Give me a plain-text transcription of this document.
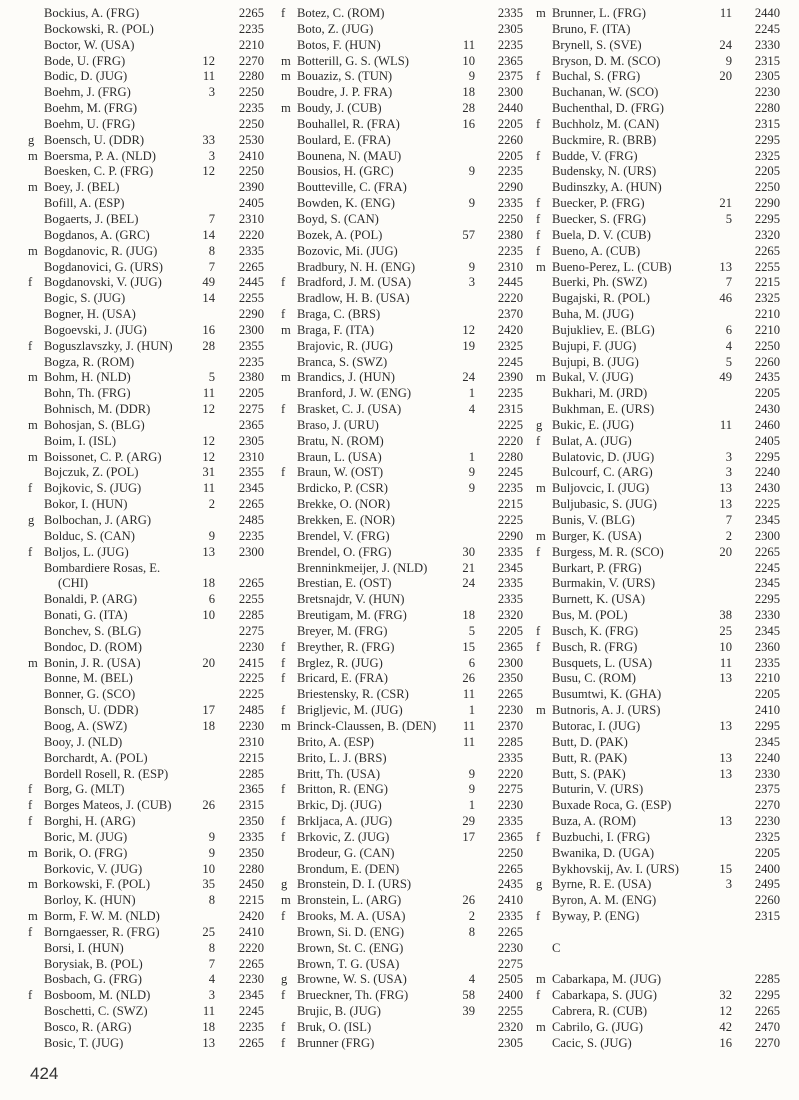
Bockius, A. (FRG)	2265
Bockowski, R. (POL)	2235
Boctor, W. (USA)	2210
Bode, U. (FRG)	12	2270
Bodic, D. (JUG)	11	2280
Boehm, J. (FRG)	3	2250
Boehm, M. (FRG)	2235
Boehm, U. (FRG)	2250
g Boensch, U. (DDR)	33	2530
m Boersma, P. A. (NLD)	3	2410
Boesken, C. P. (FRG)	12	2250
m Boey, J. (BEL)	2390
Bofill, A. (ESP)	2405
Bogaerts, J. (BEL)	7	2310
Bogdanos, A. (GRC)	14	2220
m Bogdanovic, R. (JUG)	8	2335
Bogdanovici, G. (URS)	7	2265
f Bogdanovski, V. (JUG)	49	2445
Bogic, S. (JUG)	14	2255
Bogner, H. (USA)	2290
Bogoevski, J. (JUG)	16	2300
f Boguszlavszky, J. (HUN)	28	2355
Bogza, R. (ROM)	2235
m Bohm, H. (NLD)	5	2380
Bohn, Th. (FRG)	11	2205
Bohnisch, M. (DDR)	12	2275
m Bohosjan, S. (BLG)	2365
Boim, I. (ISL)	12	2305
m Boissonet, C. P. (ARG)	12	2310
Bojczuk, Z. (POL)	31	2355
f Bojkovic, S. (JUG)	11	2345
Bokor, I. (HUN)	2	2265
g Bolbochan, J. (ARG)	2485
Bolduc, S. (CAN)	9	2235
f Boljos, L. (JUG)	13	2300
Bombardiere Rosas, E.
(CHI)	18	2265
Bonaldi, P. (ARG)	6	2255
Bonati, G. (ITA)	10	2285
Bonchev, S. (BLG)	2275
Bondoc, D. (ROM)	2230
m Bonin, J. R. (USA)	20	2415
Bonne, M. (BEL)	2225
Bonner, G. (SCO)	2225
Bonsch, U. (DDR)	17	2485
Boog, A. (SWZ)	18	2230
Booy, J. (NLD)	2310
Borchardt, A. (POL)	2215
Bordell Rosell, R. (ESP)	2285
f Borg, G. (MLT)	2365
f Borges Mateos, J. (CUB)	26	2315
f Borghi, H. (ARG)	2350
Boric, M. (JUG)	9	2335
m Borik, O. (FRG)	9	2350
Borkovic, V. (JUG)	10	2280
m Borkowski, F. (POL)	35	2450
Borloy, K. (HUN)	8	2215
m Borm, F. W. M. (NLD)	2420
f Borngaesser, R. (FRG)	25	2410
Borsi, I. (HUN)	8	2220
Borysiak, B. (POL)	7	2265
Bosbach, G. (FRG)	4	2230
f Bosboom, M. (NLD)	3	2345
Boschetti, C. (SWZ)	11	2245
Bosco, R. (ARG)	18	2235
Bosic, T. (JUG)	13	2265
f Botez, C. (ROM)	2335
Boto, Z. (JUG)	2305
Botos, F. (HUN)	11	2235
m Botterill, G. S. (WLS)	10	2365
m Bouaziz, S. (TUN)	9	2375
Boudre, J. P. FRA)	18	2300
m Boudy, J. (CUB)	28	2440
Bouhallel, R. (FRA)	16	2205
Boulard, E. (FRA)	2260
Bounena, N. (MAU)	2205
Bousios, H. (GRC)	9	2235
Boutteville, C. (FRA)	2290
Bowden, K. (ENG)	9	2335
Boyd, S. (CAN)	2250
Bozek, A. (POL)	57	2380
Bozovic, Mi. (JUG)	2235
Bradbury, N. H. (ENG)	9	2310
f Bradford, J. M. (USA)	3	2445
Bradlow, H. B. (USA)	2220
f Braga, C. (BRS)	2370
m Braga, F. (ITA)	12	2420
Brajovic, R. (JUG)	19	2325
Branca, S. (SWZ)	2245
m Brandics, J. (HUN)	24	2390
Branford, J. W. (ENG)	1	2235
f Brasket, C. J. (USA)	4	2315
Braso, J. (URU)	2225
Bratu, N. (ROM)	2220
Braun, L. (USA)	1	2280
f Braun, W. (OST)	9	2245
Brdicko, P. (CSR)	9	2235
Brekke, O. (NOR)	2215
Brekken, E. (NOR)	2225
Brendel, V. (FRG)	2290
Brendel, O. (FRG)	30	2335
Brenninkmeijer, J. (NLD)	21	2345
Brestian, E. (OST)	24	2335
Bretsnajdr, V. (HUN)	2335
Breutigam, M. (FRG)	18	2320
Breyer, M. (FRG)	5	2205
f Breyther, R. (FRG)	15	2365
f Brglez, R. (JUG)	6	2300
f Bricard, E. (FRA)	26	2350
Briestensky, R. (CSR)	11	2265
f Brigljevic, M. (JUG)	1	2230
m Brinck-Claussen, B. (DEN)	11	2370
Brito, A. (ESP)	11	2285
Brito, L. J. (BRS)	2335
Britt, Th. (USA)	9	2220
f Britton, R. (ENG)	9	2275
Brkic, Dj. (JUG)	1	2230
f Brkljaca, A. (JUG)	29	2335
f Brkovic, Z. (JUG)	17	2365
Brodeur, G. (CAN)	2250
Brondum, E. (DEN)	2265
g Bronstein, D. I. (URS)	2435
m Bronstein, L. (ARG)	26	2410
f Brooks, M. A. (USA)	2	2335
Brown, Si. D. (ENG)	8	2265
Brown, St. C. (ENG)	2230
Brown, T. G. (USA)	2275
g Browne, W. S. (USA)	4	2505
f Brueckner, Th. (FRG)	58	2400
Brujic, B. (JUG)	39	2255
f Bruk, O. (ISL)	2320
f Brunner (FRG)	2305
m Brunner, L. (FRG)	11	2440
Bruno, F. (ITA)	2245
Brynell, S. (SVE)	24	2330
Bryson, D. M. (SCO)	9	2315
f Buchal, S. (FRG)	20	2305
Buchanan, W. (SCO)	2230
Buchenthal, D. (FRG)	2280
f Buchholz, M. (CAN)	2315
Buckmire, R. (BRB)	2295
f Budde, V. (FRG)	2325
Budensky, N. (URS)	2205
Budinszky, A. (HUN)	2250
f Buecker, P. (FRG)	21	2290
f Buecker, S. (FRG)	5	2295
f Buela, D. V. (CUB)	2320
f Bueno, A. (CUB)	2265
m Bueno-Perez, L. (CUB)	13	2255
Buerki, Ph. (SWZ)	7	2215
Bugajski, R. (POL)	46	2325
Buha, M. (JUG)	2210
Bujukliev, E. (BLG)	6	2210
Bujupi, F. (JUG)	4	2250
Bujupi, B. (JUG)	5	2260
m Bukal, V. (JUG)	49	2435
Bukhari, M. (JRD)	2205
Bukhman, E. (URS)	2430
g Bukic, E. (JUG)	11	2460
f Bulat, A. (JUG)	2405
Bulatovic, D. (JUG)	3	2295
Bulcourf, C. (ARG)	3	2240
m Buljovcic, I. (JUG)	13	2430
Buljubasic, S. (JUG)	13	2225
Bunis, V. (BLG)	7	2345
m Burger, K. (USA)	2	2300
f Burgess, M. R. (SCO)	20	2265
Burkart, P. (FRG)	2245
Burmakin, V. (URS)	2345
Burnett, K. (USA)	2295
Bus, M. (POL)	38	2330
f Busch, K. (FRG)	25	2345
f Busch, R. (FRG)	10	2360
Busquets, L. (USA)	11	2335
Busu, C. (ROM)	13	2210
Busumtwi, K. (GHA)	2205
m Butnoris, A. J. (URS)	2410
Butorac, I. (JUG)	13	2295
Butt, D. (PAK)	2345
Butt, R. (PAK)	13	2240
Butt, S. (PAK)	13	2330
Buturin, V. (URS)	2375
Buxade Roca, G. (ESP)	2270
Buza, A. (ROM)	13	2230
f Buzbuchi, I. (FRG)	2325
Bwanika, D. (UGA)	2205
Bykhovskij, Av. I. (URS)	15	2400
g Byrne, R. E. (USA)	3	2495
Byron, A. M. (ENG)	2260
f Byway, P. (ENG)	2315
C
m Cabarkapa, M. (JUG)	2285
f Cabarkapa, S. (JUG)	32	2295
Cabrera, R. (CUB)	12	2265
m Cabrilo, G. (JUG)	42	2470
Cacic, S. (JUG)	16	2270
424
